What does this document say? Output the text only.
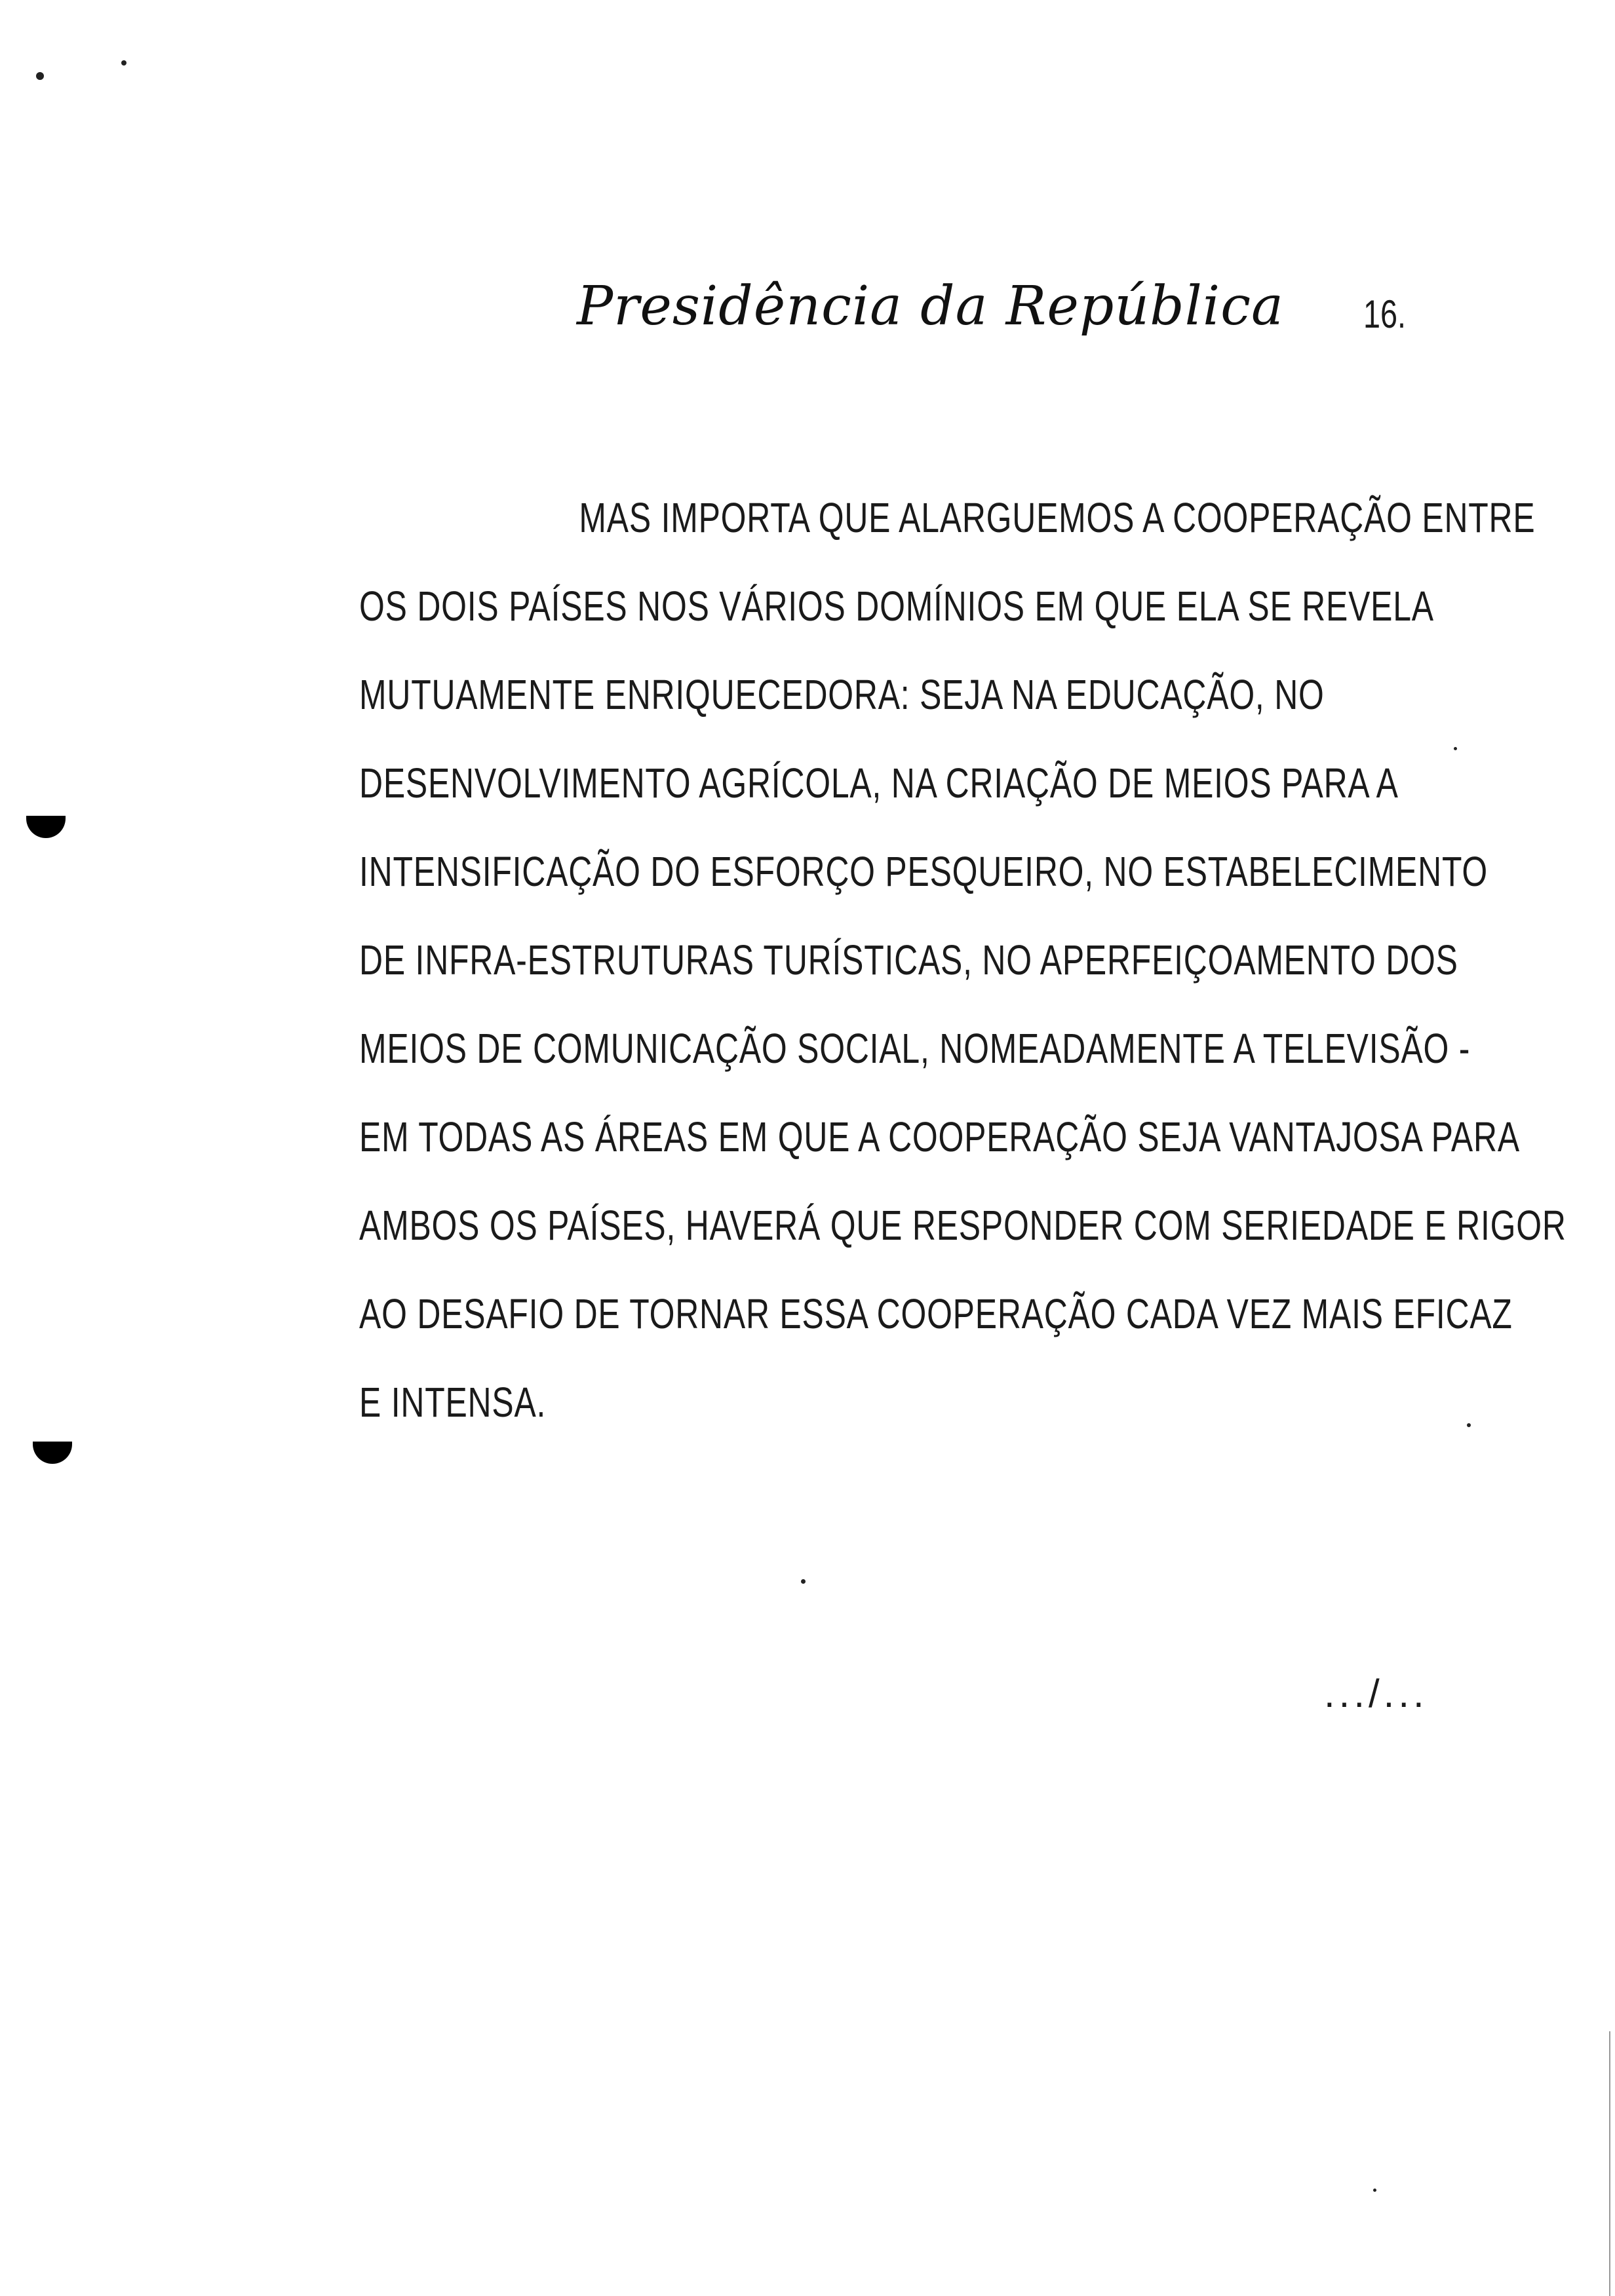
Presidência da República 16.
MAS IMPORTA QUE ALARGUEMOS A COOPERAÇÃO ENTRE
OS DOIS PAÍSES NOS VÁRIOS DOMÍNIOS EM QUE ELA SE REVELA
MUTUAMENTE ENRIQUECEDORA: SEJA NA EDUCAÇÃO, NO
DESENVOLVIMENTO AGRÍCOLA, NA CRIAÇÃO DE MEIOS PARA A
INTENSIFICAÇÃO DO ESFORÇO PESQUEIRO, NO ESTABELECIMENTO
DE INFRA-ESTRUTURAS TURÍSTICAS, NO APERFEIÇOAMENTO DOS
MEIOS DE COMUNICAÇÃO SOCIAL, NOMEADAMENTE A TELEVISÃO -
EM TODAS AS ÁREAS EM QUE A COOPERAÇÃO SEJA VANTAJOSA PARA
AMBOS OS PAÍSES, HAVERÁ QUE RESPONDER COM SERIEDADE E RIGOR
AO DESAFIO DE TORNAR ESSA COOPERAÇÃO CADA VEZ MAIS EFICAZ
E INTENSA.
.../...
